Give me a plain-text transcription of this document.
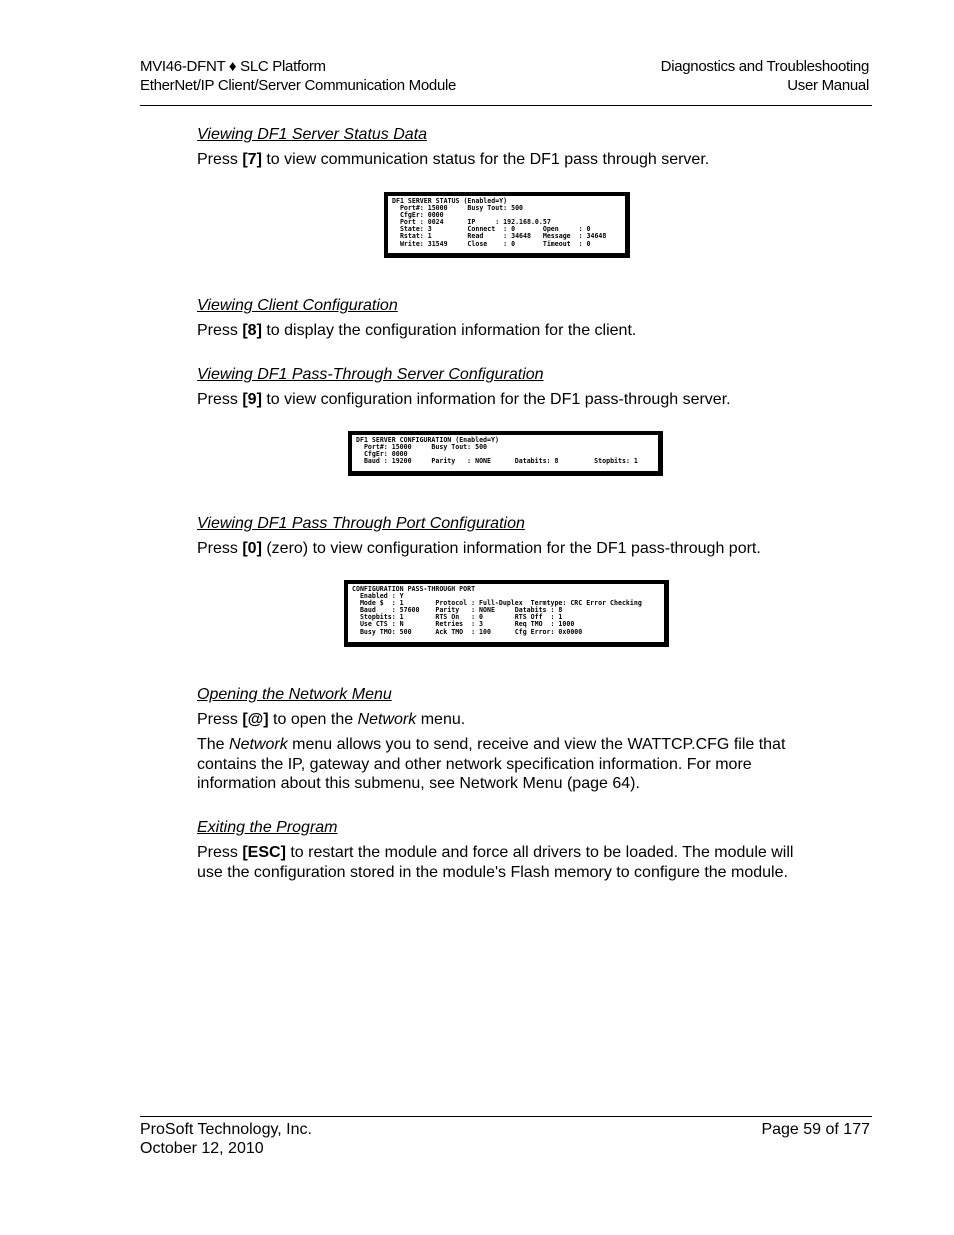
MVI46-DFNT ♦ SLC Platform
EtherNet/IP Client/Server Communication Module
Diagnostics and Troubleshooting
User Manual
Viewing DF1 Server Status Data
Press [7] to view communication status for the DF1 pass through server.
DF1 SERVER STATUS (Enabled=Y)
Port#: 15000     Busy Tout: 500
CfgEr: 0000
Port : 0024      IP     : 192.168.0.57
State: 3         Connect  : 0       Open     : 0
Rstat: 1         Read     : 34648   Message  : 34648
Write: 31549     Close    : 0       Timeout  : 0
Viewing Client Configuration
Press [8] to display the configuration information for the client.
Viewing DF1 Pass-Through Server Configuration
Press [9] to view configuration information for the DF1 pass-through server.
DF1 SERVER CONFIGURATION (Enabled=Y)
Port#: 15000     Busy Tout: 500
CfgEr: 0000
Baud : 19200     Parity   : NONE      Databits: 8         Stopbits: 1
Viewing DF1 Pass Through Port Configuration
Press [0] (zero) to view configuration information for the DF1 pass-through port.
CONFIGURATION PASS-THROUGH PORT
Enabled : Y
Mode $  : 1        Protocol : Full-Duplex  Termtype: CRC Error Checking
Baud    : 57600    Parity   : NONE     Databits : 8
Stopbits: 1        RTS On   : 0        RTS Off  : 1
Use CTS : N        Retries  : 3        Req TMO  : 1000
Busy TMO: 500      Ack TMO  : 100      Cfg Error: 0x0000
Opening the Network Menu
Press [@] to open the Network menu.
The Network menu allows you to send, receive and view the WATTCP.CFG file that contains the IP, gateway and other network specification information. For more information about this submenu, see Network Menu (page 64).
Exiting the Program
Press [ESC] to restart the module and force all drivers to be loaded. The module will use the configuration stored in the module's Flash memory to configure the module.
ProSoft Technology, Inc.
October 12, 2010
Page 59 of 177
